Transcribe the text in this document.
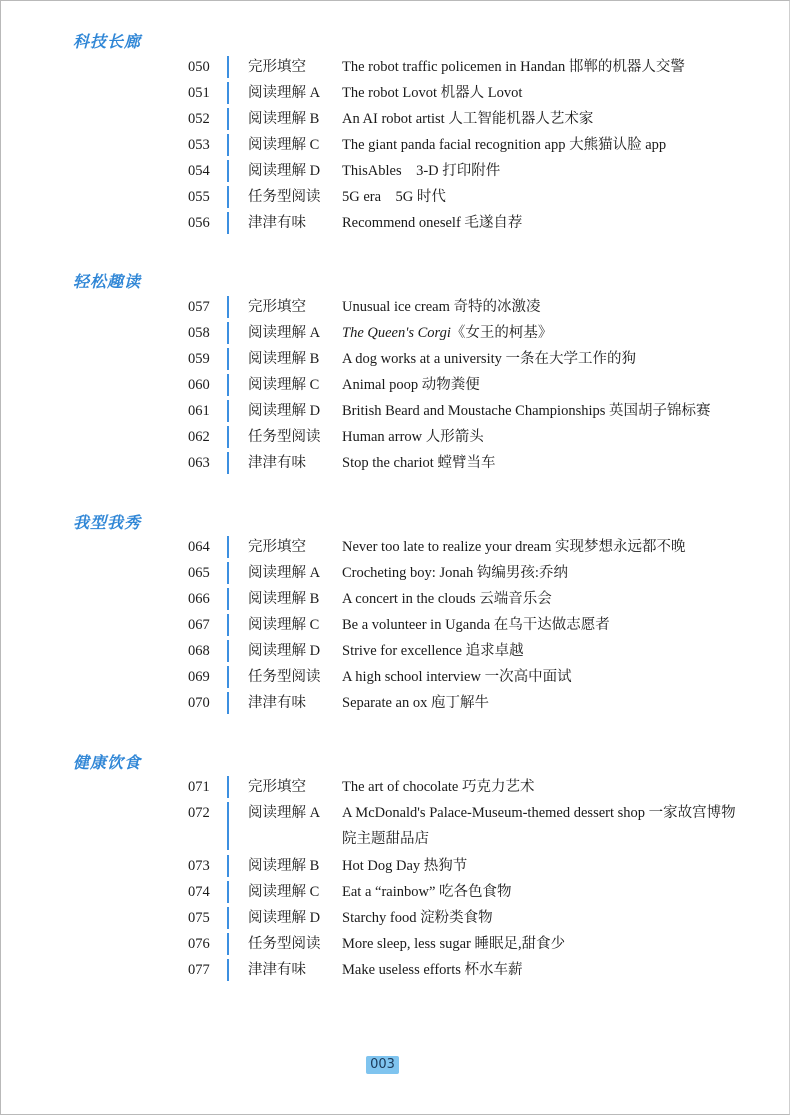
科技长廊
050	完形填空 The robot traffic policemen in Handan 邯郸的机器人交警
051	阅读理解 A The robot Lovot 机器人 Lovot
052	阅读理解 B An AI robot artist 人工智能机器人艺术家
053	阅读理解 C The giant panda facial recognition app 大熊猫认脸 app
054	阅读理解 D ThisAbles　3-D 打印附件
055	任务型阅读 5G era　5G 时代
056	津津有味 Recommend oneself 毛遂自荐
轻松趣读
057	完形填空 Unusual ice cream 奇特的冰激凌
058	阅读理解 A The Queen's Corgi《女王的柯基》
059	阅读理解 B A dog works at a university 一条在大学工作的狗
060	阅读理解 C Animal poop 动物粪便
061	阅读理解 D British Beard and Moustache Championships 英国胡子锦标赛
062	任务型阅读 Human arrow 人形箭头
063	津津有味 Stop the chariot 螳臂当车
我型我秀
064	完形填空 Never too late to realize your dream 实现梦想永远都不晚
065	阅读理解 A Crocheting boy: Jonah 钩编男孩:乔纳
066	阅读理解 B A concert in the clouds 云端音乐会
067	阅读理解 C Be a volunteer in Uganda 在乌干达做志愿者
068	阅读理解 D Strive for excellence 追求卓越
069	任务型阅读 A high school interview 一次高中面试
070	津津有味 Separate an ox 庖丁解牛
健康饮食
071	完形填空 The art of chocolate 巧克力艺术
072	阅读理解 A A McDonald's Palace-Museum-themed dessert shop 一家故宫博物院主题甜品店
073	阅读理解 B Hot Dog Day 热狗节
074	阅读理解 C Eat a “rainbow” 吃各色食物
075	阅读理解 D Starchy food 淀粉类食物
076	任务型阅读 More sleep, less sugar 睡眠足,甜食少
077	津津有味 Make useless efforts 杯水车薪
003
